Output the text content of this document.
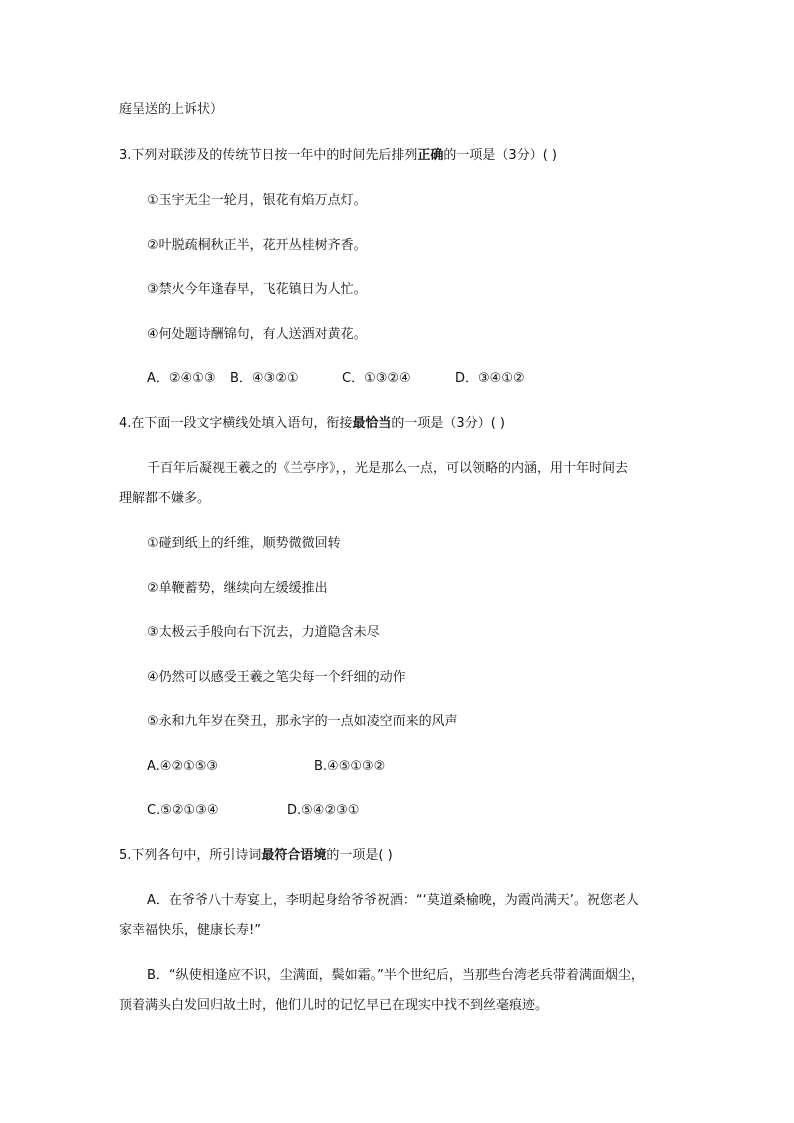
庭呈送的上诉状）
3.下列对联涉及的传统节日按一年中的时间先后排列正确的一项是（3分）( )
①玉宇无尘一轮月，银花有焰万点灯。
②叶脱疏桐秋正半，花开丛桂树齐香。
③禁火今年逢春早，飞花镇日为人忙。
④何处题诗酬锦句，有人送酒对黄花。
A．②④①③ B．④③②①	C．①③②④	D．③④①②
4.在下面一段文字横线处填入语句，衔接最恰当的一项是（3分）( )
千百年后凝视王羲之的《兰亭序》，，光是那么一点，可以领略的内涵，用十年时间去
理解都不嫌多。
①碰到纸上的纤维，顺势微微回转
②单鞭蓄势，继续向左缓缓推出
③太极云手般向右下沉去，力道隐含未尽
④仍然可以感受王羲之笔尖每一个纤细的动作
⑤永和九年岁在癸丑，那永字的一点如凌空而来的风声
A.④②①⑤③	B.④⑤①③②
C.⑤②①③④	D.⑤④②③①
5.下列各句中，所引诗词最符合语境的一项是( )
A．在爷爷八十寿宴上，李明起身给爷爷祝酒：“‘莫道桑榆晚，为霞尚满天’。祝您老人
家幸福快乐，健康长寿!”
B．“纵使相逢应不识，尘满面，鬓如霜。”半个世纪后，当那些台湾老兵带着满面烟尘，
顶着满头白发回归故土时，他们儿时的记忆早已在现实中找不到丝毫痕迹。
